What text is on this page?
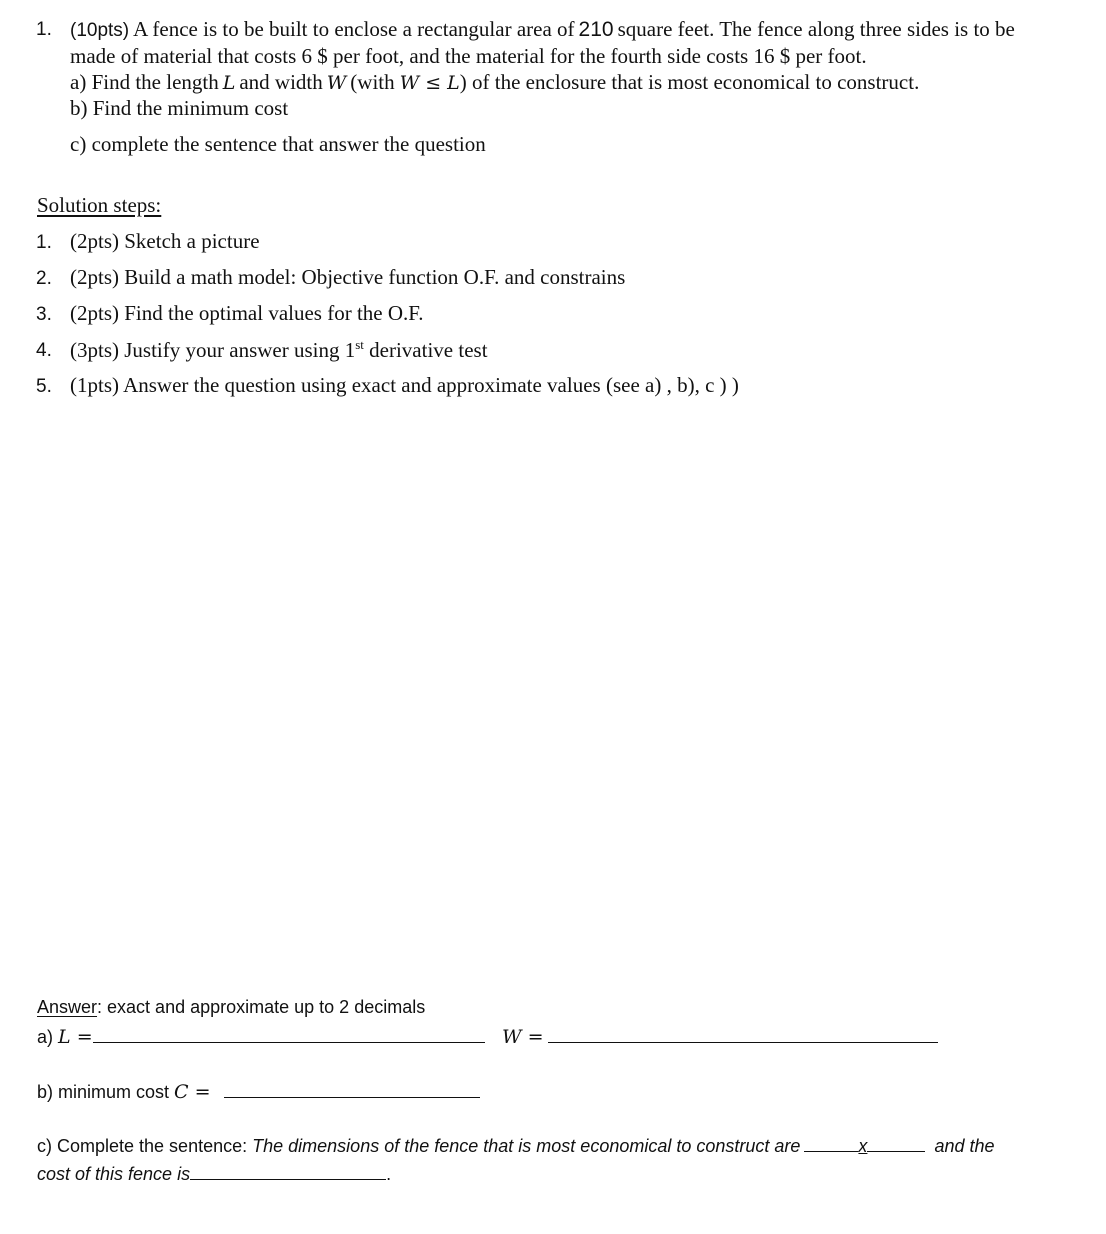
1. (10pts) A fence is to be built to enclose a rectangular area of 210 square feet. The fence along three sides is to be
made of material that costs 6 $ per foot, and the material for the fourth side costs 16 $ per foot.
a) Find the length L and width W (with W ≤ L) of the enclosure that is most economical to construct.
b) Find the minimum cost
c) complete the sentence that answer the question
Solution steps:
1. (2pts) Sketch a picture
2. (2pts) Build a math model: Objective function O.F. and constrains
3. (2pts) Find the optimal values for the O.F.
4. (3pts) Justify your answer using 1st derivative test
5. (1pts) Answer the question using exact and approximate values (see a) , b), c ) )
Answer: exact and approximate up to 2 decimals
a) L =	W =
b) minimum cost C =
c) Complete the sentence: The dimensions of the fence that is most economical to construct are	x	and the
cost of this fence is	.
